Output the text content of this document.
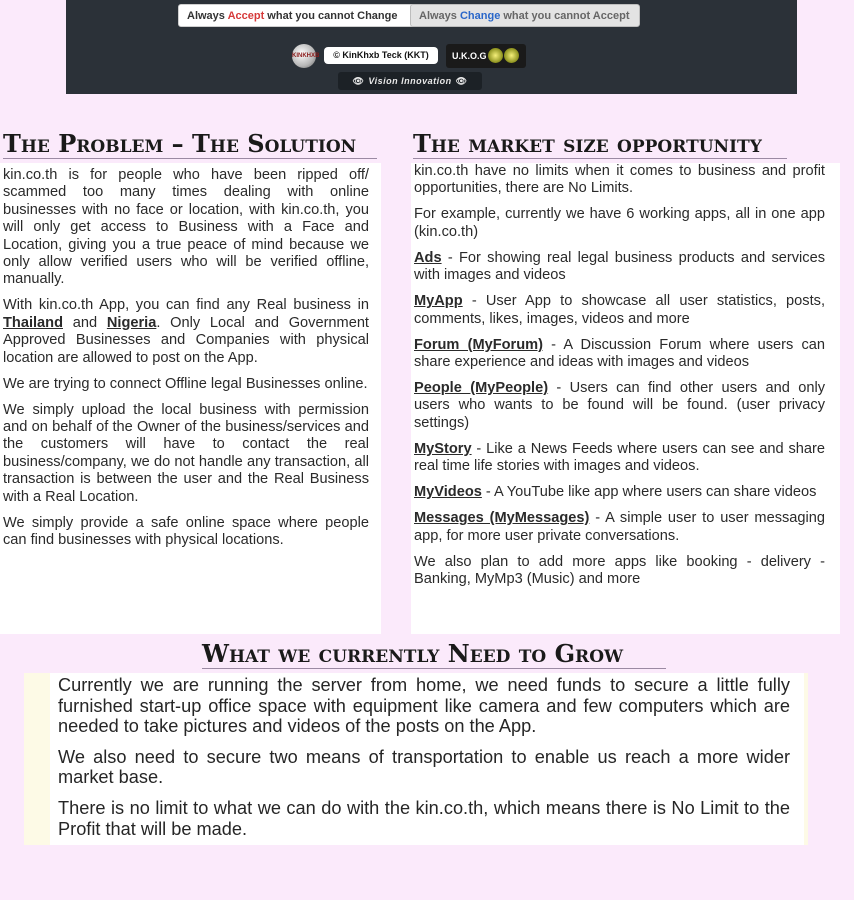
Always Accept what you cannot Change	Always Change what you cannot Accept
KINKHXB	© KinKhxb Teck (KKT)	U.K.O.G
👁 Vision Innovation 👁
The Problem – The Solution

kin.co.th is for people who have been ripped off/ scammed too many times dealing with online businesses with no face or location, with kin.co.th, you will only get access to Business with a Face and Location, giving you a true peace of mind because we only allow verified users who will be verified offline, manually.

With kin.co.th App, you can find any Real business in Thailand and Nigeria. Only Local and Government Approved Businesses and Companies with physical location are allowed to post on the App.

We are trying to connect Offline legal Businesses online.

We simply upload the local business with permission and on behalf of the Owner of the business/services and the customers will have to contact the real business/company, we do not handle any transaction, all transaction is between the user and the Real Business with a Real Location.

We simply provide a safe online space where people can find businesses with physical locations.

The market size opportunity

kin.co.th have no limits when it comes to business and profit opportunities, there are No Limits.

For example, currently we have 6 working apps, all in one app (kin.co.th)

Ads - For showing real legal business products and services with images and videos

MyApp - User App to showcase all user statistics, posts, comments, likes, images, videos and more

Forum (MyForum) - A Discussion Forum where users can share experience and ideas with images and videos

People (MyPeople) - Users can find other users and only users who wants to be found will be found. (user privacy settings)

MyStory - Like a News Feeds where users can see and share real time life stories with images and videos.

MyVideos - A YouTube like app where users can share videos

Messages (MyMessages) - A simple user to user messaging app, for more user private conversations.

We also plan to add more apps like booking - delivery - Banking, MyMp3 (Music) and more

What we currently Need to Grow

Currently we are running the server from home, we need funds to secure a little fully furnished start-up office space with equipment like camera and few computers which are needed to take pictures and videos of the posts on the App.

We also need to secure two means of transportation to enable us reach a more wider market base.

There is no limit to what we can do with the kin.co.th, which means there is No Limit to the Profit that will be made.
